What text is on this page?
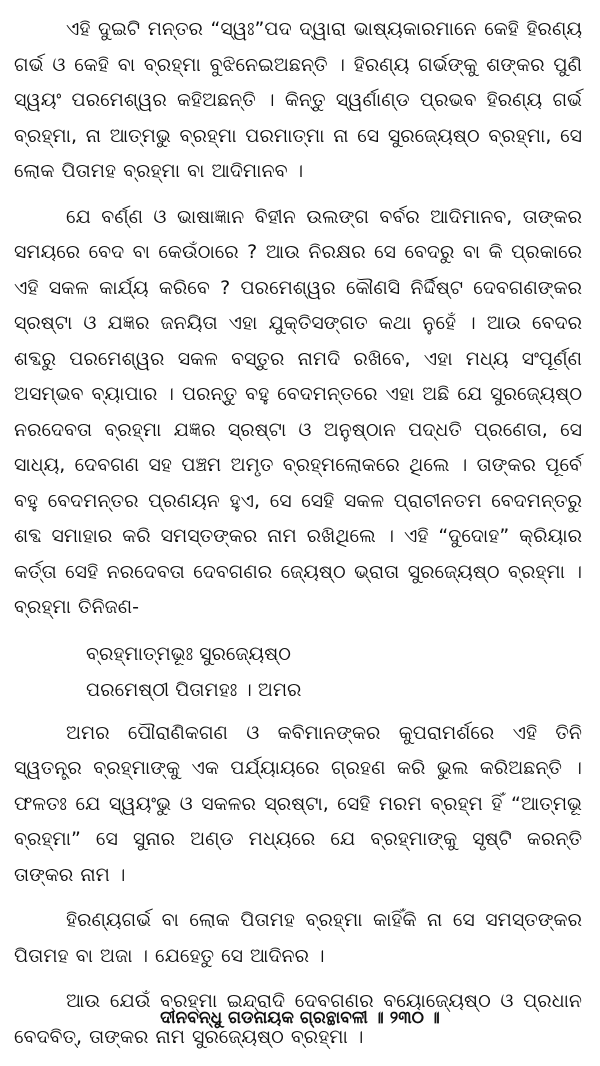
ଏହି ଦୁଇଟି ମନ୍ତର “ସ୍ୱଃ”ପଦ ଦ୍ୱାରା ଭାଷ୍ୟକାରମାନେ କେହି ହିରଣ୍ୟ ଗର୍ଭ ଓ କେହି ବା ବ୍ରହ୍ମା ବୁଝିନେଇଅଛନ୍ତି । ହିରଣ୍ୟ ଗର୍ଭଙ୍କୁ ଶଙ୍କର ପୁଣି ସ୍ୱୟଂ ପରମେଶ୍ୱର କହିଅଛନ୍ତି । କିନ୍ତୁ ସ୍ୱର୍ଣାଣ୍ଡ ପ୍ରଭବ ହିରଣ୍ୟ ଗର୍ଭ ବ୍ରହ୍ମା, ନା ଆତ୍ମଭୁ ବ୍ରହ୍ମା ପରମାତ୍ମା ନା ସେ ସୁରଜ୍ୟେଷ୍ଠ ବ୍ରହ୍ମା, ସେ ଲୋକ ପିତାମହ ବ୍ରହ୍ମା ବା ଆଦିମାନବ ।

ଯେ ବର୍ଣ୍ଣ ଓ ଭାଷାଜ୍ଞାନ ବିହୀନ ଉଲଙ୍ଗ ବର୍ବର ଆଦିମାନବ, ତାଙ୍କର ସମୟରେ ବେଦ ବା କେଉଁଠାରେ ? ଆଉ ନିରକ୍ଷର ସେ ବେଦରୁ ବା କି ପ୍ରକାରେ ଏହି ସକଳ କାର୍ଯ୍ୟ କରିବେ ? ପରମେଶ୍ୱର କୌଣସି ନିର୍ଦ୍ଦିଷ୍ଟ ଦେବଗଣଙ୍କର ସ୍ରଷ୍ଟା ଓ ଯଜ୍ଞର ଜନୟିତା ଏହା ଯୁକ୍ତିସଙ୍ଗତ କଥା ନୁହେଁ । ଆଉ ବେଦର ଶବ୍ଦରୁ ପରମେଶ୍ୱର ସକଳ ବସ୍ତୁର ନାମଦି ରଖିବେ, ଏହା ମଧ୍ୟ ସଂପୂର୍ଣ୍ଣ ଅସମ୍ଭବ ବ୍ୟାପାର । ପରନ୍ତୁ ବହୁ ବେଦମନ୍ତରେ ଏହା ଅଛି ଯେ ସୁରଜ୍ୟେଷ୍ଠ ନରଦେବତା ବ୍ରହ୍ମା ଯଜ୍ଞର ସ୍ରଷ୍ଟା ଓ ଅନୁଷ୍ଠାନ ପଦ୍ଧତି ପ୍ରଣେତା, ସେ ସାଧ୍ୟ, ଦେବଗଣ ସହ ପଞ୍ଚମ ଅମୃତ ବ୍ରହ୍ମଲୋକରେ ଥିଲେ । ତାଙ୍କର ପୂର୍ବେ ବହୁ ବେଦମନ୍ତର ପ୍ରଣୟନ ହୁଏ, ସେ ସେହି ସକଳ ପ୍ରାଚୀନତମ ବେଦମନ୍ତରୁ ଶବ୍ଦ ସମାହାର କରି ସମସ୍ତଙ୍କର ନାମ ରଖିଥିଲେ । ଏହି “ଦୁଦୋହ” କ୍ରିୟାର କର୍ତ୍ତା ସେହି ନରଦେବତା ଦେବଗଣର ଜ୍ୟେଷ୍ଠ ଭ୍ରାତା ସୁରଜ୍ୟେଷ୍ଠ ବ୍ରହ୍ମା । ବ୍ରହ୍ମା ତିନିଜଣ-

ବ୍ରହ୍ମାତ୍ମଭୂଃ ସୁରଜ୍ୟେଷ୍ଠ

ପରମେଷ୍ଠୀ ପିତାମହଃ । ଅମର

ଅମର ପୌରାଣିକଗଣ ଓ କବିମାନଙ୍କର କୁପରାମର୍ଶରେ ଏହି ତିନି ସ୍ୱତନ୍ତ୍ର ବ୍ରହ୍ମାଙ୍କୁ ଏକ ପର୍ଯ୍ୟାୟରେ ଗ୍ରହଣ କରି ଭୁଲ କରିଅଛନ୍ତି । ଫଳତଃ ଯେ ସ୍ୱୟଂଭୁ ଓ ସକଳର ସ୍ରଷ୍ଟା, ସେହି ମରମ ବ୍ରହ୍ମ ହିଁ “ଆତ୍ମଭୂ ବ୍ରହ୍ମା” ସେ ସୁନାର ଅଣ୍ଡ ମଧ୍ୟରେ ଯେ ବ୍ରହ୍ମାଙ୍କୁ ସୃଷ୍ଟି କରନ୍ତି ତାଙ୍କର ନାମ ।

ହିରଣ୍ୟଗର୍ଭ ବା ଲୋକ ପିତାମହ ବ୍ରହ୍ମା କାହିଁକି ନା ସେ ସମସ୍ତଙ୍କର ପିତାମହ ବା ଅଜା । ଯେହେତୁ ସେ ଆଦିନର ।

ଆଉ ଯେଉଁ ବ୍ରହ୍ମା ଇନ୍ଦ୍ରାଦି ଦେବଗଣର ବୟୋଜ୍ୟେଷ୍ଠ ଓ ପ୍ରଧାନ ବେଦବିତ୍, ତାଙ୍କର ନାମ ସୁରଜ୍ୟେଷ୍ଠ ବ୍ରହ୍ମା ।

ଦୀନବନ୍ଧୁ ଗଡନାୟକ ଗ୍ରନ୍ଥାବଳୀ ॥ ୨୩୦ ॥
